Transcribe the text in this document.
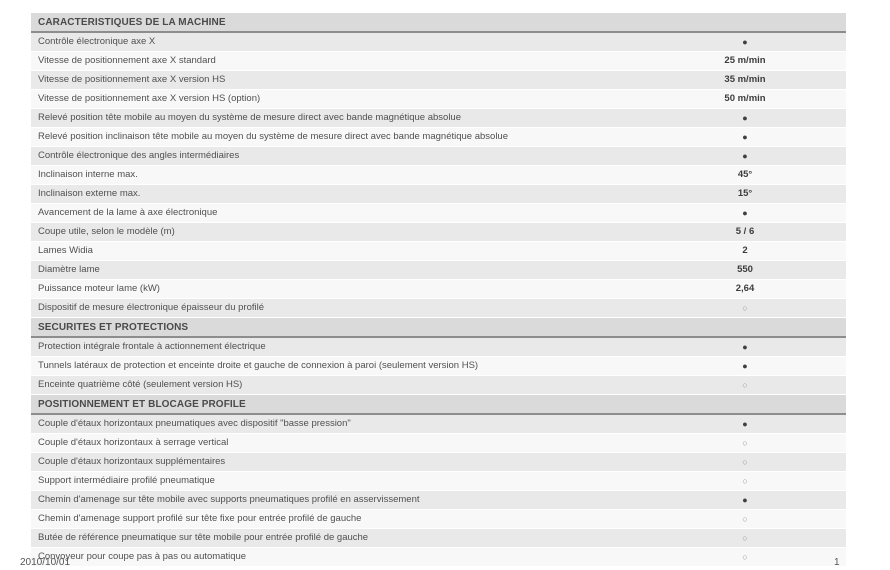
CARACTERISTIQUES DE LA MACHINE
Contrôle électronique axe X	●
Vitesse de positionnement axe X standard	25 m/min
Vitesse de positionnement axe X version HS	35 m/min
Vitesse de positionnement axe X version HS (option)	50 m/min
Relevé position tête mobile au moyen du système de mesure direct avec bande magnétique absolue	●
Relevé position inclinaison tête mobile au moyen du système de mesure direct avec bande magnétique absolue	●
Contrôle électronique des angles intermédiaires	●
Inclinaison interne max.	45°
Inclinaison externe max.	15°
Avancement de la lame à axe électronique	●
Coupe utile, selon le modèle (m)	5 / 6
Lames Widia	2
Diamètre lame	550
Puissance moteur lame (kW)	2,64
Dispositif de mesure électronique épaisseur du profilé	○
SECURITES ET PROTECTIONS
Protection intégrale frontale à actionnement électrique	●
Tunnels latéraux de protection et enceinte droite et gauche de connexion à paroi (seulement version HS)	●
Enceinte quatrième côté (seulement version HS)	○
POSITIONNEMENT ET BLOCAGE PROFILE
Couple d'étaux horizontaux pneumatiques avec dispositif "basse pression"	●
Couple d'étaux horizontaux à serrage vertical	○
Couple d'étaux horizontaux supplémentaires	○
Support intermédiaire profilé pneumatique	○
Chemin d'amenage sur tête mobile avec supports pneumatiques profilé en asservissement	●
Chemin d'amenage support profilé sur tête fixe pour entrée profilé de gauche	○
Butée de référence pneumatique sur tête mobile pour entrée profilé de gauche	○
Convoyeur pour coupe pas à pas ou automatique	○
2010/10/01	1
